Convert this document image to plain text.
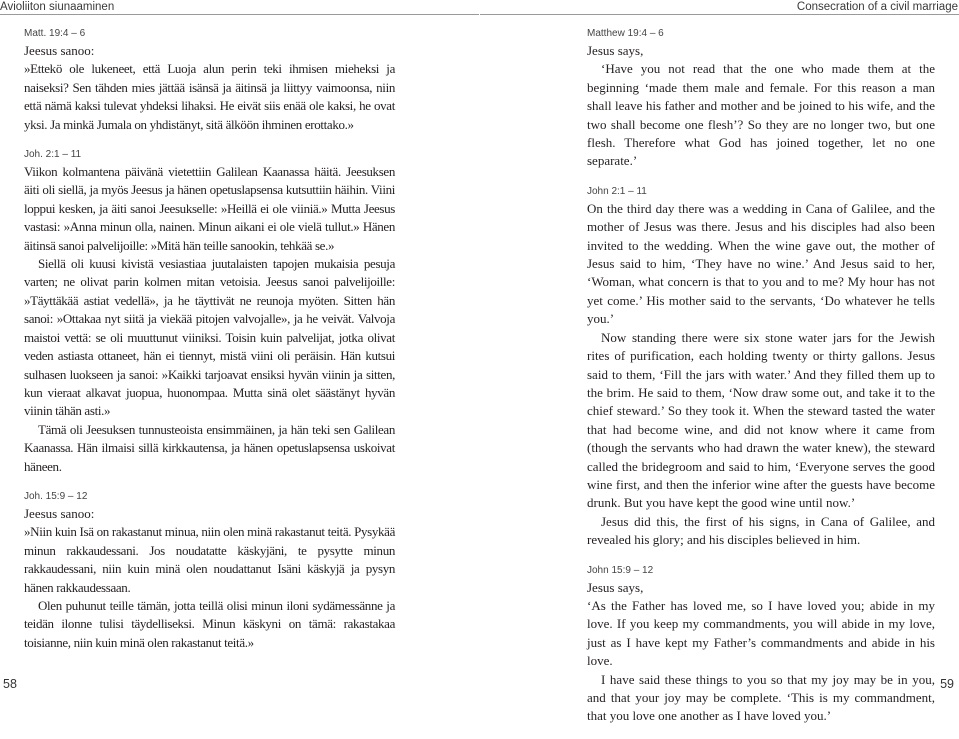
Avioliiton siunaaminen

Matt. 19:4 – 6

Jeesus sanoo:

»Ettekö ole lukeneet, että Luoja alun perin teki ihmisen mieheksi ja naiseksi? Sen tähden mies jättää isänsä ja äitinsä ja liittyy vaimoonsa, niin että nämä kaksi tulevat yhdeksi lihaksi. He eivät siis enää ole kaksi, he ovat yksi. Ja minkä Jumala on yhdistänyt, sitä älköön ihminen erottako.»

Joh. 2:1 – 11

Viikon kolmantena päivänä vietettiin Galilean Kaanassa häitä. Jeesuksen äiti oli siellä, ja myös Jeesus ja hänen opetuslapsensa kutsuttiin häihin. Viini loppui kesken, ja äiti sanoi Jeesukselle: »Heillä ei ole viiniä.» Mutta Jeesus vastasi: »Anna minun olla, nainen. Minun aikani ei ole vielä tullut.» Hänen äitinsä sanoi palvelijoille: »Mitä hän teille sanookin, tehkää se.»

Siellä oli kuusi kivistä vesiastiaa juutalaisten tapojen mukaisia pesuja varten; ne olivat parin kolmen mitan vetoisia. Jeesus sanoi palvelijoille: »Täyttäkää astiat vedellä», ja he täyttivät ne reunoja myöten. Sitten hän sanoi: »Ottakaa nyt siitä ja viekää pitojen valvojalle», ja he veivät. Valvoja maistoi vettä: se oli muuttunut viiniksi. Toisin kuin palvelijat, jotka olivat veden astiasta ottaneet, hän ei tiennyt, mistä viini oli peräisin. Hän kutsui sulhasen luokseen ja sanoi: »Kaikki tarjoavat ensiksi hyvän viinin ja sitten, kun vieraat alkavat juopua, huonompaa. Mutta sinä olet säästänyt hyvän viinin tähän asti.»

Tämä oli Jeesuksen tunnusteoista ensimmäinen, ja hän teki sen Galilean Kaanassa. Hän ilmaisi sillä kirkkautensa, ja hänen opetuslapsensa uskoivat häneen.

Joh. 15:9 – 12

Jeesus sanoo:

»Niin kuin Isä on rakastanut minua, niin olen minä rakastanut teitä. Pysykää minun rakkaudessani. Jos noudatatte käskyjäni, te pysytte minun rakkaudessani, niin kuin minä olen noudattanut Isäni käskyjä ja pysyn hänen rakkaudessaan.

Olen puhunut teille tämän, jotta teillä olisi minun iloni sydämessänne ja teidän ilonne tulisi täydelliseksi. Minun käskyni on tämä: rakastakaa toisianne, niin kuin minä olen rakastanut teitä.»

58
Consecration of a civil marriage

Matthew 19:4 – 6

Jesus says,

‘Have you not read that the one who made them at the beginning ‘made them male and female. For this reason a man shall leave his father and mother and be joined to his wife, and the two shall become one flesh’? So they are no longer two, but one flesh. Therefore what God has joined together, let no one separate.’

John 2:1 – 11

On the third day there was a wedding in Cana of Galilee, and the mother of Jesus was there. Jesus and his disciples had also been invited to the wedding. When the wine gave out, the mother of Jesus said to him, ‘They have no wine.’ And Jesus said to her, ‘Woman, what concern is that to you and to me? My hour has not yet come.’ His mother said to the servants, ‘Do whatever he tells you.’

Now standing there were six stone water jars for the Jewish rites of purification, each holding twenty or thirty gallons. Jesus said to them, ‘Fill the jars with water.’ And they filled them up to the brim. He said to them, ‘Now draw some out, and take it to the chief steward.’ So they took it. When the steward tasted the water that had become wine, and did not know where it came from (though the servants who had drawn the water knew), the steward called the bridegroom and said to him, ‘Everyone serves the good wine first, and then the inferior wine after the guests have become drunk. But you have kept the good wine until now.’

Jesus did this, the first of his signs, in Cana of Galilee, and revealed his glory; and his disciples believed in him.

John 15:9 – 12

Jesus says,

‘As the Father has loved me, so I have loved you; abide in my love. If you keep my commandments, you will abide in my love, just as I have kept my Father’s commandments and abide in his love.

I have said these things to you so that my joy may be in you, and that your joy may be complete. ‘This is my commandment, that you love one another as I have loved you.’

59
